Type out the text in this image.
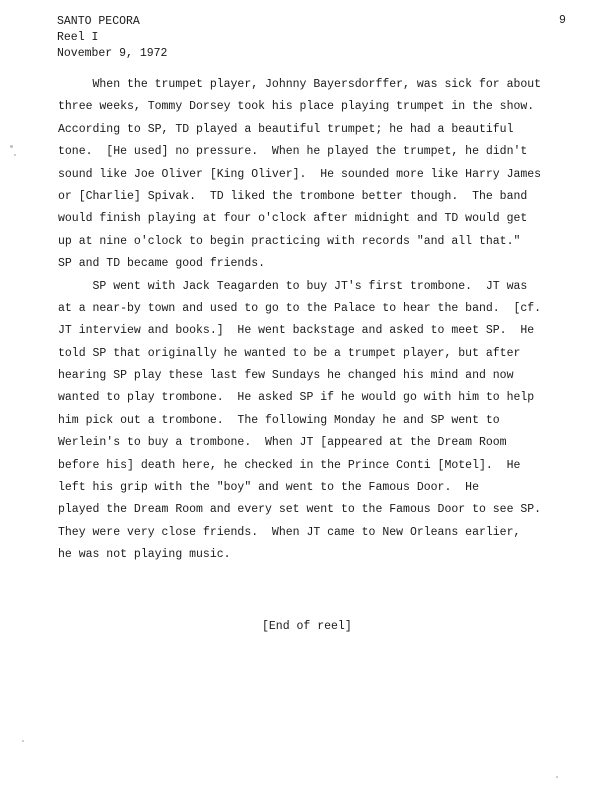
SANTO PECORA
Reel I
November 9, 1972
9
When the trumpet player, Johnny Bayersdorffer, was sick for about
three weeks, Tommy Dorsey took his place playing trumpet in the show.
According to SP, TD played a beautiful trumpet; he had a beautiful
tone.  [He used] no pressure.  When he played the trumpet, he didn't
sound like Joe Oliver [King Oliver].  He sounded more like Harry James
or [Charlie] Spivak.  TD liked the trombone better though.  The band
would finish playing at four o'clock after midnight and TD would get
up at nine o'clock to begin practicing with records "and all that."
SP and TD became good friends.
SP went with Jack Teagarden to buy JT's first trombone.  JT was
at a near-by town and used to go to the Palace to hear the band.  [cf.
JT interview and books.]  He went backstage and asked to meet SP.  He
told SP that originally he wanted to be a trumpet player, but after
hearing SP play these last few Sundays he changed his mind and now
wanted to play trombone.  He asked SP if he would go with him to help
him pick out a trombone.  The following Monday he and SP went to
Werlein's to buy a trombone.  When JT [appeared at the Dream Room
before his] death here, he checked in the Prince Conti [Motel].  He
left his grip with the "boy" and went to the Famous Door.  He
played the Dream Room and every set went to the Famous Door to see SP.
They were very close friends.  When JT came to New Orleans earlier,
he was not playing music.
[End of reel]
